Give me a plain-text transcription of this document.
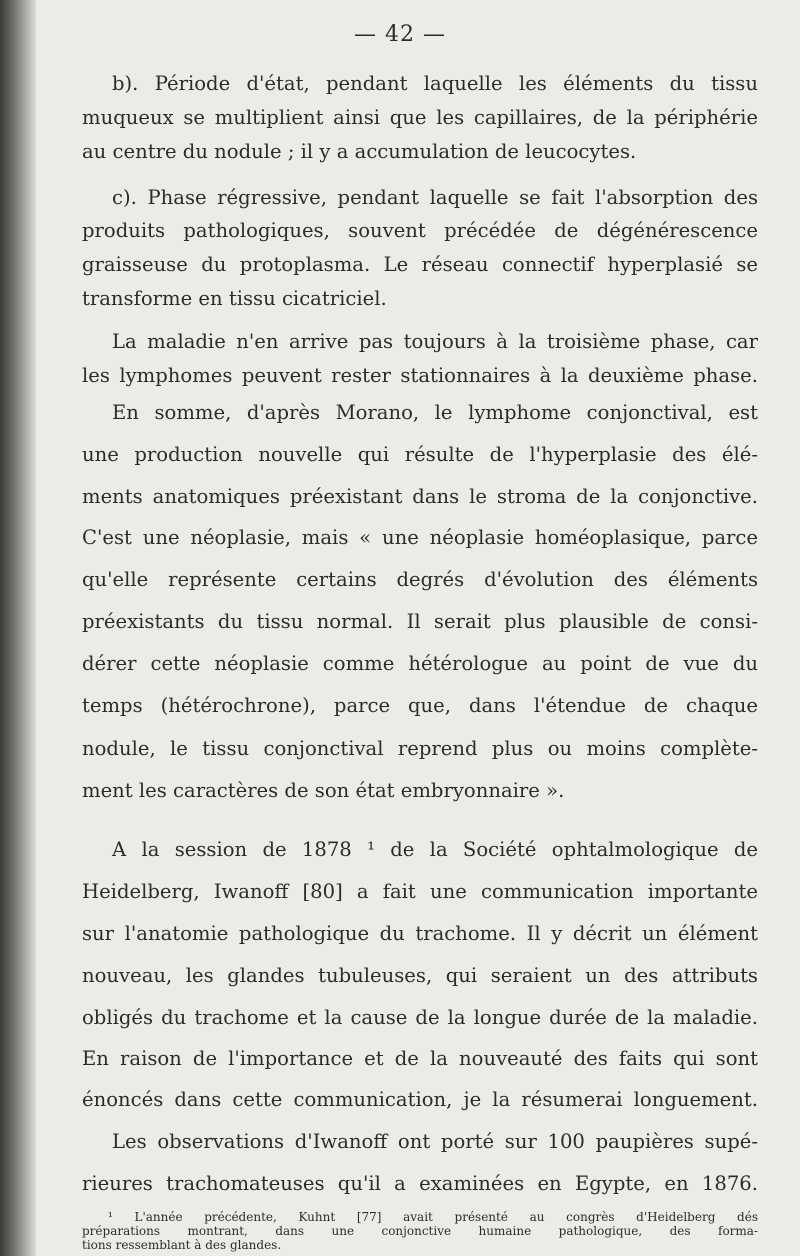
— 42 —
b). Période d'état, pendant laquelle les éléments du tissu
muqueux se multiplient ainsi que les capillaires, de la périphérie
au centre du nodule ; il y a accumulation de leucocytes.
c). Phase régressive, pendant laquelle se fait l'absorption des
produits pathologiques, souvent précédée de dégénérescence
graisseuse du protoplasma. Le réseau connectif hyperplasié se
transforme en tissu cicatriciel.
La maladie n'en arrive pas toujours à la troisième phase, car
les lymphomes peuvent rester stationnaires à la deuxième phase.
En somme, d'après Morano, le lymphome conjonctival, est
une production nouvelle qui résulte de l'hyperplasie des élé-
ments anatomiques préexistant dans le stroma de la conjonctive.
C'est une néoplasie, mais « une néoplasie homéoplasique, parce
qu'elle représente certains degrés d'évolution des éléments
préexistants du tissu normal. Il serait plus plausible de consi-
dérer cette néoplasie comme hétérologue au point de vue du
temps (hétérochrone), parce que, dans l'étendue de chaque
nodule, le tissu conjonctival reprend plus ou moins complète-
ment les caractères de son état embryonnaire ».
A la session de 1878 ¹ de la Société ophtalmologique de
Heidelberg, Iwanoff [80] a fait une communication importante
sur l'anatomie pathologique du trachome. Il y décrit un élément
nouveau, les glandes tubuleuses, qui seraient un des attributs
obligés du trachome et la cause de la longue durée de la maladie.
En raison de l'importance et de la nouveauté des faits qui sont
énoncés dans cette communication, je la résumerai longuement.
Les observations d'Iwanoff ont porté sur 100 paupières supé-
rieures trachomateuses qu'il a examinées en Egypte, en 1876.
¹ L'année précédente, Kuhnt [77] avait présenté au congrès d'Heidelberg dés
préparations montrant, dans une conjonctive humaine pathologique, des forma-
tions ressemblant à des glandes.
